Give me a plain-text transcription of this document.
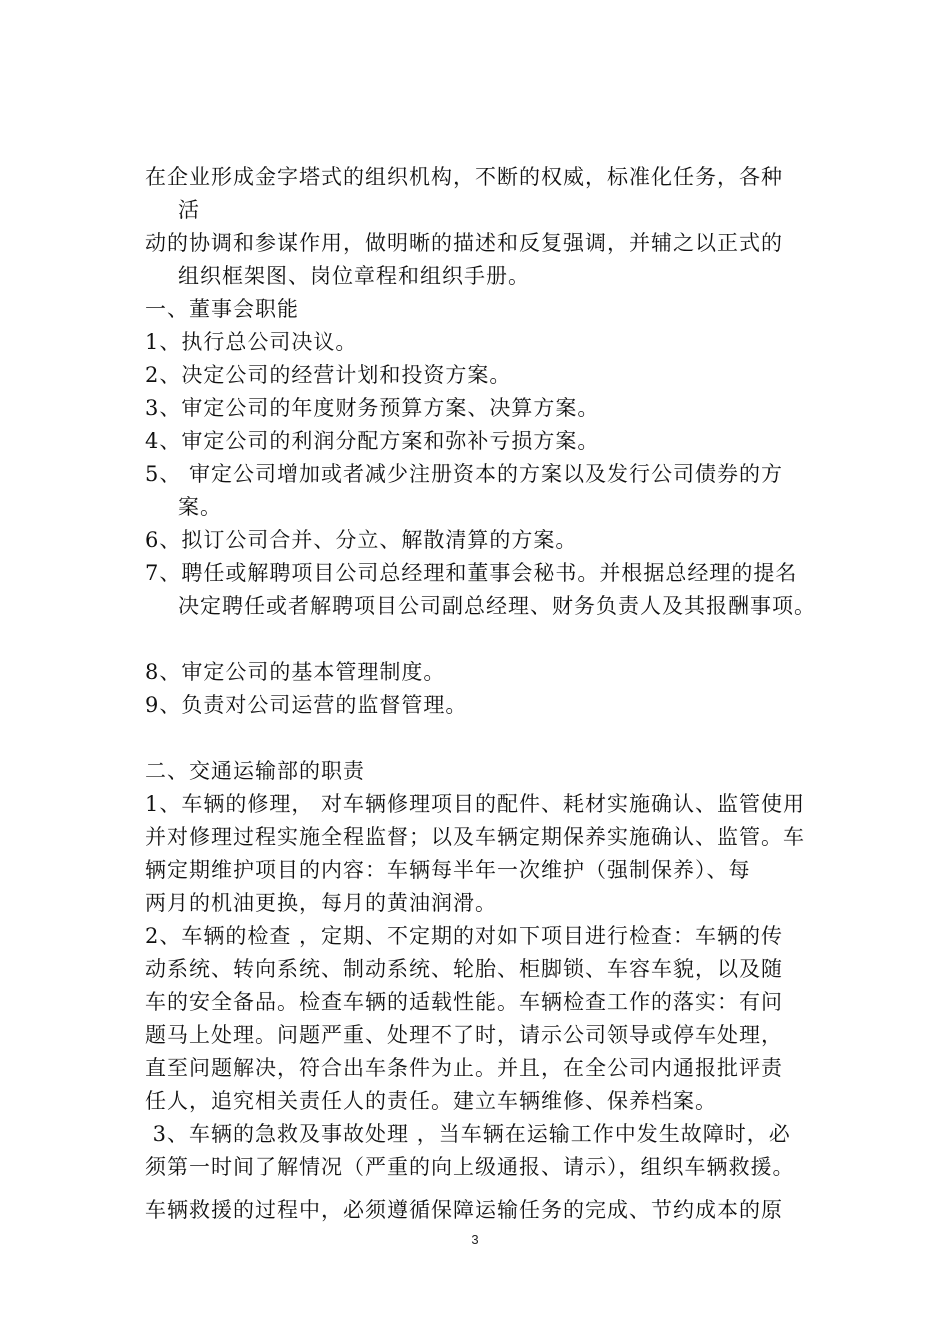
在企业形成金字塔式的组织机构，不断的权威，标准化任务，各种
活
动的协调和参谋作用，做明晰的描述和反复强调，并辅之以正式的
组织框架图、岗位章程和组织手册。
一、董事会职能
1、执行总公司决议。
2、决定公司的经营计划和投资方案。
3、审定公司的年度财务预算方案、决算方案。
4、审定公司的利润分配方案和弥补亏损方案。
5、 审定公司增加或者减少注册资本的方案以及发行公司债券的方
案。
6、拟订公司合并、分立、解散清算的方案。
7、聘任或解聘项目公司总经理和董事会秘书。并根据总经理的提名
决定聘任或者解聘项目公司副总经理、财务负责人及其报酬事项。
8、审定公司的基本管理制度。
9、负责对公司运营的监督管理。
二、交通运输部的职责
1、车辆的修理， 对车辆修理项目的配件、耗材实施确认、监管使用
并对修理过程实施全程监督；以及车辆定期保养实施确认、监管。车
辆定期维护项目的内容：车辆每半年一次维护（强制保养）、每
两月的机油更换，每月的黄油润滑。
2、车辆的检查 ，定期、不定期的对如下项目进行检查：车辆的传
动系统、转向系统、制动系统、轮胎、柜脚锁、车容车貌，以及随
车的安全备品。检查车辆的适载性能。车辆检查工作的落实：有问
题马上处理。问题严重、处理不了时，请示公司领导或停车处理，
直至问题解决，符合出车条件为止。并且，在全公司内通报批评责
任人，追究相关责任人的责任。建立车辆维修、保养档案。
3、车辆的急救及事故处理 ，当车辆在运输工作中发生故障时，必
须第一时间了解情况（严重的向上级通报、请示），组织车辆救援。
车辆救援的过程中，必须遵循保障运输任务的完成、节约成本的原
3
